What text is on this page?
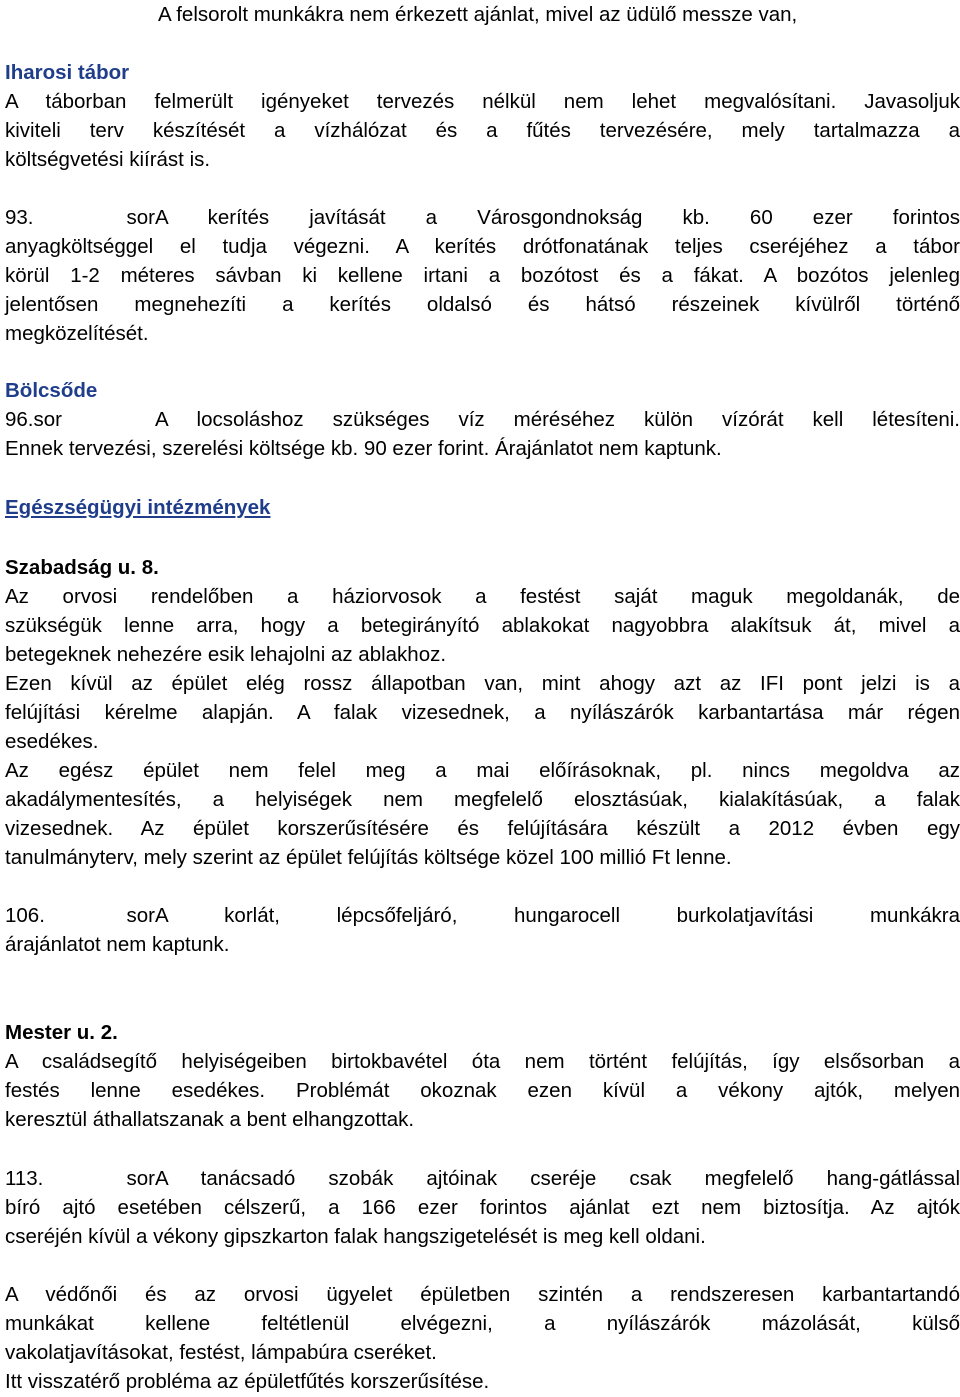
A felsorolt munkákra nem érkezett ajánlat, mivel az üdülő messze van,

Iharosi tábor
A táborban felmerült igényeket tervezés nélkül nem lehet megvalósítani. Javasoljuk
kiviteli terv készítését a vízhálózat és a fűtés tervezésére, mely tartalmazza a
költségvetési kiírást is.

93. sorA kerítés javítását a Városgondnokság kb. 60 ezer forintos
anyagköltséggel el tudja végezni. A kerítés drótfonatának teljes cseréjéhez a tábor
körül 1-2 méteres sávban ki kellene irtani a bozótost és a fákat. A bozótos jelenleg
jelentősen megnehezíti a kerítés oldalsó és hátsó részeinek kívülről történő
megközelítését.

Bölcsőde
96.sor	A locsoláshoz szükséges víz méréséhez külön vízórát kell létesíteni.
Ennek tervezési, szerelési költsége kb. 90 ezer forint. Árajánlatot nem kaptunk.

Egészségügyi intézmények

Szabadság u. 8.
Az orvosi rendelőben a háziorvosok a festést saját maguk megoldanák, de
szükségük lenne arra, hogy a betegirányító ablakokat nagyobbra alakítsuk át, mivel a
betegeknek nehezére esik lehajolni az ablakhoz.
Ezen kívül az épület elég rossz állapotban van, mint ahogy azt az IFI pont jelzi is a
felújítási kérelme alapján. A falak vizesednek, a nyílászárók karbantartása már régen
esedékes.
Az egész épület nem felel meg a mai előírásoknak, pl. nincs megoldva az
akadálymentesítés, a helyiségek nem megfelelő elosztásúak, kialakításúak, a falak
vizesednek. Az épület korszerűsítésére és felújítására készült a 2012 évben egy
tanulmányterv, mely szerint az épület felújítás költsége közel 100 millió Ft lenne.

106. sorA korlát, lépcsőfeljáró, hungarocell burkolatjavítási munkákra
árajánlatot nem kaptunk.

Mester u. 2.
A családsegítő helyiségeiben birtokbavétel óta nem történt felújítás, így elsősorban a
festés lenne esedékes. Problémát okoznak ezen kívül a vékony ajtók, melyen
keresztül áthallatszanak a bent elhangzottak.

113. sorA tanácsadó szobák ajtóinak cseréje csak megfelelő hang-gátlással
bíró ajtó esetében célszerű, a 166 ezer forintos ajánlat ezt nem biztosítja. Az ajtók
cseréjén kívül a vékony gipszkarton falak hangszigetelését is meg kell oldani.

A védőnői és az orvosi ügyelet épületben szintén a rendszeresen karbantartandó
munkákat kellene feltétlenül elvégezni, a nyílászárók mázolását, külső
vakolatjavításokat, festést, lámpabúra cseréket.
Itt visszatérő probléma az épületfűtés korszerűsítése.
